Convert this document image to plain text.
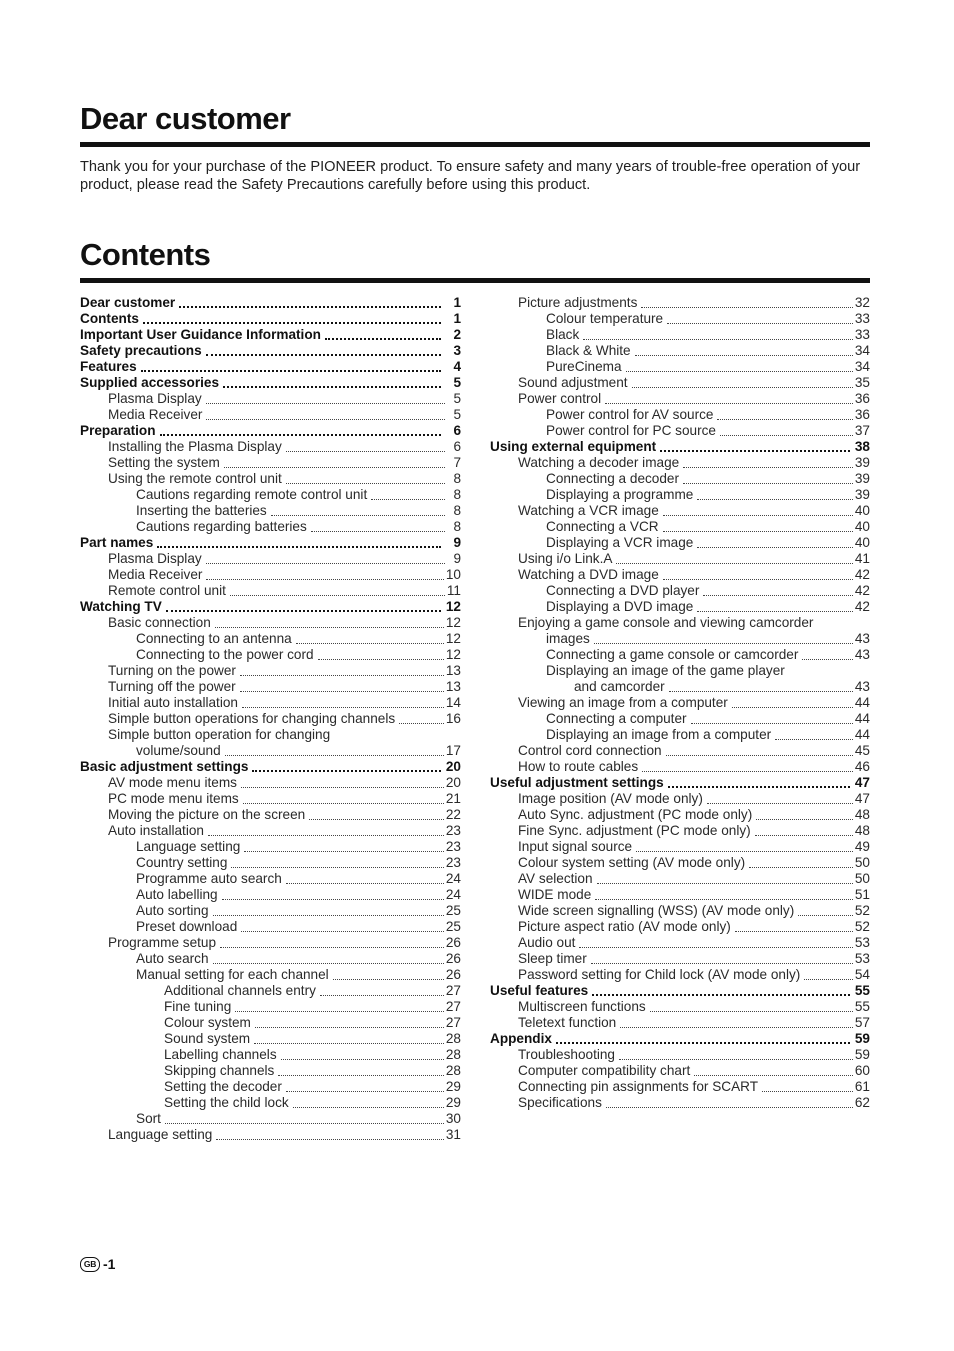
Dear customer

Thank you for your purchase of the PIONEER product. To ensure safety and many years of trouble-free operation of your product, please read the Safety Precautions carefully before using this product.

Contents
Dear customer	1
Contents	1
Important User Guidance Information	2
Safety precautions	3
Features	4
Supplied accessories	5
Plasma Display	5
Media Receiver	5
Preparation	6
Installing the Plasma Display	6
Setting the system	7
Using the remote control unit	8
Cautions regarding remote control unit	8
Inserting the batteries	8
Cautions regarding batteries	8
Part names	9
Plasma Display	9
Media Receiver	10
Remote control unit	11
Watching TV	12
Basic connection	12
Connecting to an antenna	12
Connecting to the power cord	12
Turning on the power	13
Turning off the power	13
Initial auto installation	14
Simple button operations for changing channels	16
Simple button operation for changing
volume/sound	17
Basic adjustment settings	20
AV mode menu items	20
PC mode menu items	21
Moving the picture on the screen	22
Auto installation	23
Language setting	23
Country setting	23
Programme auto search	24
Auto labelling	24
Auto sorting	25
Preset download	25
Programme setup	26
Auto search	26
Manual setting for each channel	26
Additional channels entry	27
Fine tuning	27
Colour system	27
Sound system	28
Labelling channels	28
Skipping channels	28
Setting the decoder	29
Setting the child lock	29
Sort	30
Language setting	31
Picture adjustments	32
Colour temperature	33
Black	33
Black & White	34
PureCinema	34
Sound adjustment	35
Power control	36
Power control for AV source	36
Power control for PC source	37
Using external equipment	38
Watching a decoder image	39
Connecting a decoder	39
Displaying a programme	39
Watching a VCR image	40
Connecting a VCR	40
Displaying a VCR image	40
Using i/o Link.A	41
Watching a DVD image	42
Connecting a DVD player	42
Displaying a DVD image	42
Enjoying a game console and viewing camcorder
images	43
Connecting a game console or camcorder	43
Displaying an image of the game player
and camcorder	43
Viewing an image from a computer	44
Connecting a computer	44
Displaying an image from a computer	44
Control cord connection	45
How to route cables	46
Useful adjustment settings	47
Image position (AV mode only)	47
Auto Sync. adjustment (PC mode only)	48
Fine Sync. adjustment (PC mode only)	48
Input signal source	49
Colour system setting (AV mode only)	50
AV selection	50
WIDE mode	51
Wide screen signalling (WSS) (AV mode only)	52
Picture aspect ratio (AV mode only)	52
Audio out	53
Sleep timer	53
Password setting for Child lock (AV mode only)	54
Useful features	55
Multiscreen functions	55
Teletext function	57
Appendix	59
Troubleshooting	59
Computer compatibility chart	60
Connecting pin assignments for SCART	61
Specifications	62
GB -1
